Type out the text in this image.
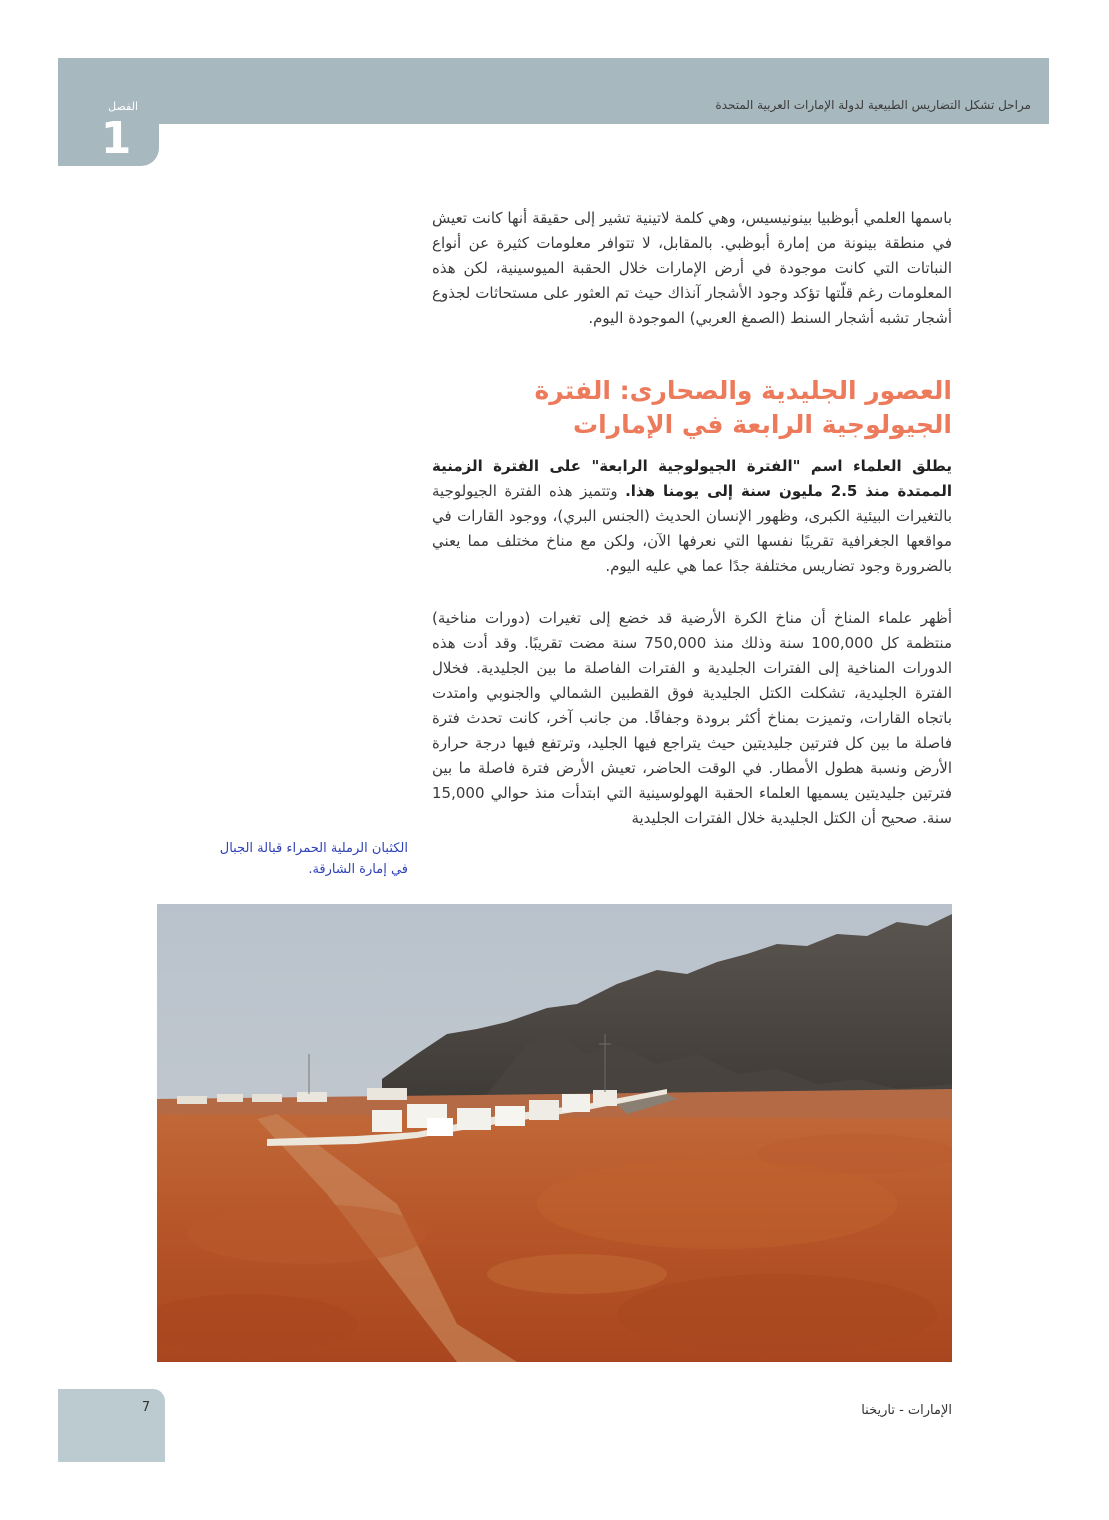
مراحل تشكل التضاريس الطبيعية لدولة الإمارات العربية المتحدة
الفصل
1

باسمها العلمي أبوظبيا بينونيسيس، وهي كلمة لاتينية تشير إلى حقيقة أنها كانت تعيش في منطقة بينونة من إمارة أبوظبي. بالمقابل، لا تتوافر معلومات كثيرة عن أنواع النباتات التي كانت موجودة في أرض الإمارات خلال الحقبة الميوسينية، لكن هذه المعلومات رغم قلّتها تؤكد وجود الأشجار آنذاك حيث تم العثور على مستحاثات لجذوع أشجار تشبه أشجار السنط (الصمغ العربي) الموجودة اليوم.

العصور الجليدية والصحارى: الفترة الجيولوجية الرابعة في الإمارات

يطلق العلماء اسم "الفترة الجيولوجية الرابعة" على الفترة الزمنية الممتدة منذ 2.5 مليون سنة إلى يومنا هذا. وتتميز هذه الفترة الجيولوجية بالتغيرات البيئية الكبرى، وظهور الإنسان الحديث (الجنس البري)، ووجود القارات في مواقعها الجغرافية تقريبًا نفسها التي نعرفها الآن، ولكن مع مناخ مختلف مما يعني بالضرورة وجود تضاريس مختلفة جدًا عما هي عليه اليوم.

أظهر علماء المناخ أن مناخ الكرة الأرضية قد خضع إلى تغيرات (دورات مناخية) منتظمة كل 100,000 سنة وذلك منذ 750,000 سنة مضت تقريبًا. وقد أدت هذه الدورات المناخية إلى الفترات الجليدية و الفترات الفاصلة ما بين الجليدية. فخلال الفترة الجليدية، تشكلت الكتل الجليدية فوق القطبين الشمالي والجنوبي وامتدت باتجاه القارات، وتميزت بمناخ أكثر برودة وجفافًا. من جانب آخر، كانت تحدث فترة فاصلة ما بين كل فترتين جليديتين حيث يتراجع فيها الجليد، وترتفع فيها درجة حرارة الأرض ونسبة هطول الأمطار. في الوقت الحاضر، تعيش الأرض فترة فاصلة ما بين فترتين جليديتين يسميها العلماء الحقبة الهولوسينية التي ابتدأت منذ حوالي 15,000 سنة. صحيح أن الكتل الجليدية خلال الفترات الجليدية

الكثبان الرملية الحمراء قبالة الجبال في إمارة الشارقة.
7	الإمارات - تاريخنا
